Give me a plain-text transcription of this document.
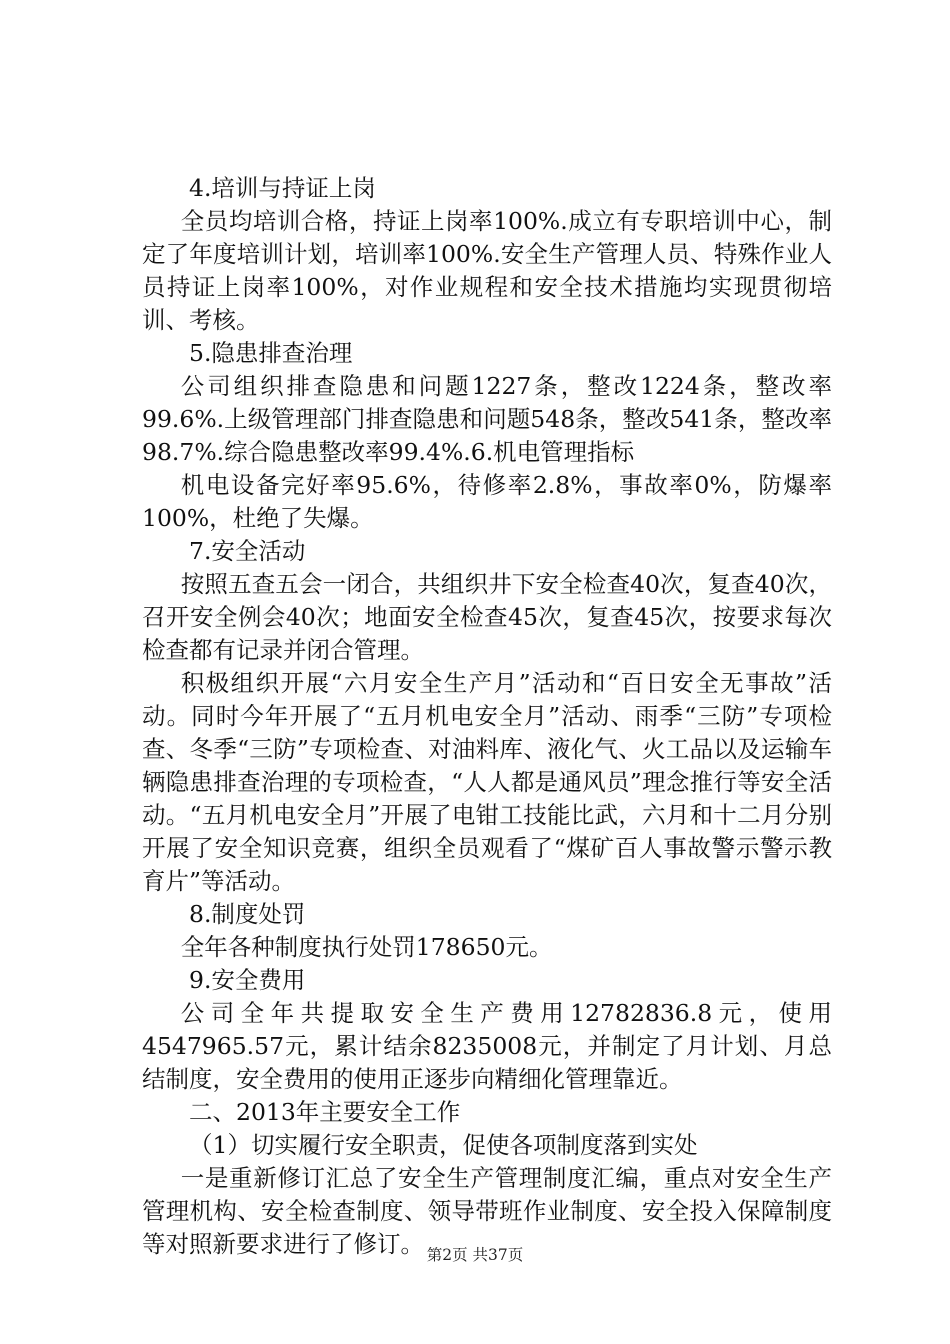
4.培训与持证上岗

全员均培训合格，持证上岗率100%.成立有专职培训中心，制定了年度培训计划，培训率100%.安全生产管理人员、特殊作业人员持证上岗率100%，对作业规程和安全技术措施均实现贯彻培训、考核。

5.隐患排查治理

公司组织排查隐患和问题1227条，整改1224条，整改率99.6%.上级管理部门排查隐患和问题548条，整改541条，整改率98.7%.综合隐患整改率99.4%.6.机电管理指标

机电设备完好率95.6%，待修率2.8%，事故率0%，防爆率100%，杜绝了失爆。

7.安全活动

按照五查五会一闭合，共组织井下安全检查40次，复查40次，召开安全例会40次；地面安全检查45次，复查45次，按要求每次检查都有记录并闭合管理。

积极组织开展“六月安全生产月”活动和“百日安全无事故”活动。同时今年开展了“五月机电安全月”活动、雨季“三防”专项检查、冬季“三防”专项检查、对油料库、液化气、火工品以及运输车辆隐患排查治理的专项检查，“人人都是通风员”理念推行等安全活动。“五月机电安全月”开展了电钳工技能比武，六月和十二月分别开展了安全知识竞赛，组织全员观看了“煤矿百人事故警示警示教育片”等活动。

8.制度处罚

全年各种制度执行处罚178650元。

9.安全费用

公司全年共提取安全生产费用12782836.8元，使用4547965.57元，累计结余8235008元，并制定了月计划、月总结制度，安全费用的使用正逐步向精细化管理靠近。

二、2013年主要安全工作

（1）切实履行安全职责，促使各项制度落到实处

一是重新修订汇总了安全生产管理制度汇编，重点对安全生产管理机构、安全检查制度、领导带班作业制度、安全投入保障制度等对照新要求进行了修订。 第2页 共37页
